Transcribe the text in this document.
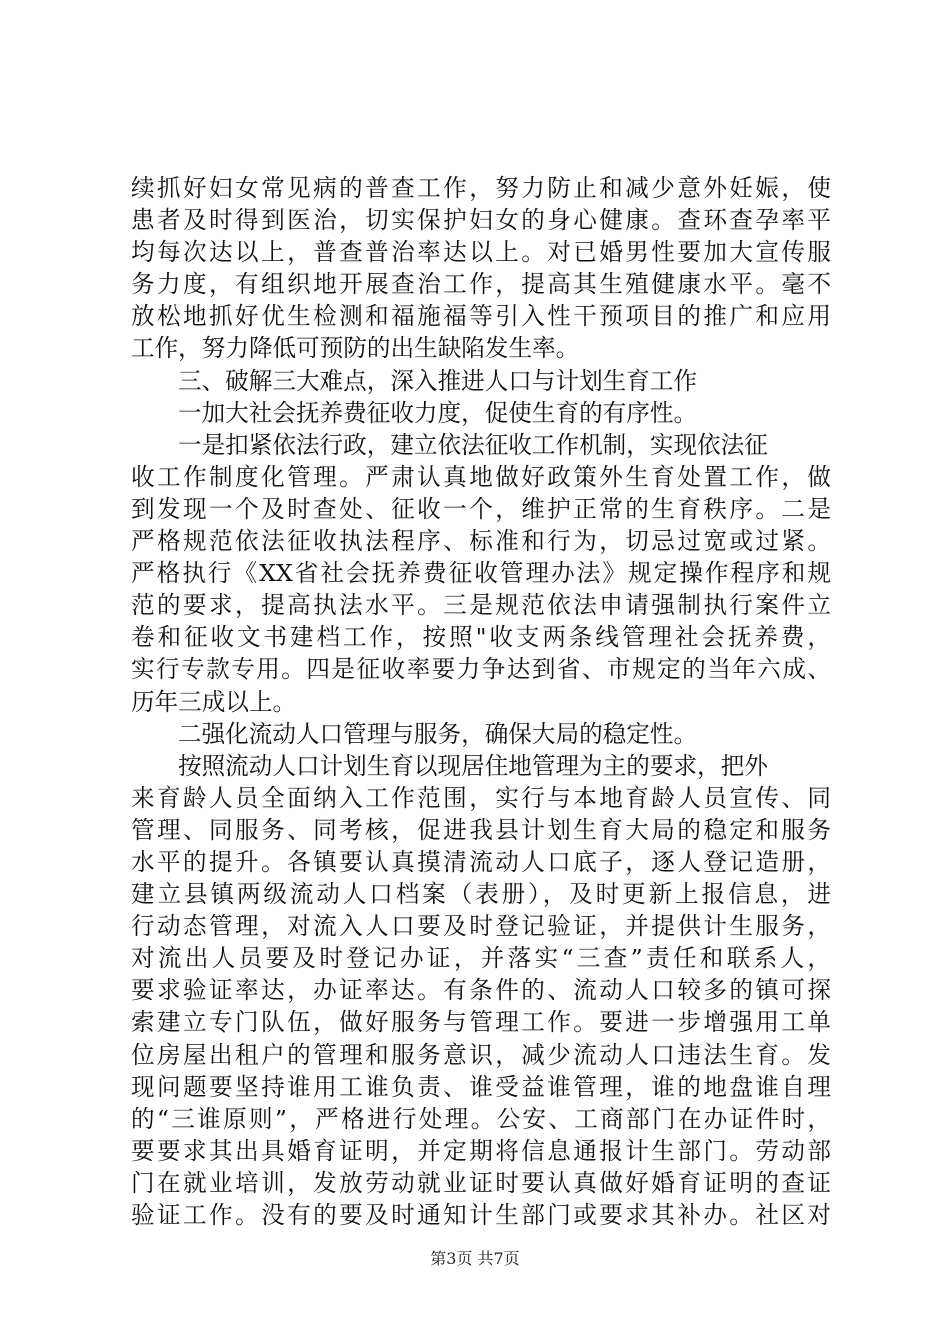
续抓好妇女常见病的普查工作，努力防止和减少意外妊娠，使
患者及时得到医治，切实保护妇女的身心健康。查环查孕率平
均每次达以上，普查普治率达以上。对已婚男性要加大宣传服
务力度，有组织地开展查治工作，提高其生殖健康水平。毫不
放松地抓好优生检测和福施福等引入性干预项目的推广和应用
工作，努力降低可预防的出生缺陷发生率。
三、破解三大难点，深入推进人口与计划生育工作
一加大社会抚养费征收力度，促使生育的有序性。
一是扣紧依法行政，建立依法征收工作机制，实现依法征
收工作制度化管理。严肃认真地做好政策外生育处置工作，做
到发现一个及时查处、征收一个，维护正常的生育秩序。二是
严格规范依法征收执法程序、标准和行为，切忌过宽或过紧。
严格执行《XX省社会抚养费征收管理办法》规定操作程序和规
范的要求，提高执法水平。三是规范依法申请强制执行案件立
卷和征收文书建档工作，按照"收支两条线管理社会抚养费，
实行专款专用。四是征收率要力争达到省、市规定的当年六成、
历年三成以上。
二强化流动人口管理与服务，确保大局的稳定性。
按照流动人口计划生育以现居住地管理为主的要求，把外
来育龄人员全面纳入工作范围，实行与本地育龄人员宣传、同
管理、同服务、同考核，促进我县计划生育大局的稳定和服务
水平的提升。各镇要认真摸清流动人口底子，逐人登记造册，
建立县镇两级流动人口档案（表册），及时更新上报信息，进
行动态管理，对流入人口要及时登记验证，并提供计生服务，
对流出人员要及时登记办证，并落实“三查”责任和联系人，
要求验证率达，办证率达。有条件的、流动人口较多的镇可探
索建立专门队伍，做好服务与管理工作。要进一步增强用工单
位房屋出租户的管理和服务意识，减少流动人口违法生育。发
现问题要坚持谁用工谁负责、谁受益谁管理，谁的地盘谁自理
的“三谁原则”，严格进行处理。公安、工商部门在办证件时，
要要求其出具婚育证明，并定期将信息通报计生部门。劳动部
门在就业培训，发放劳动就业证时要认真做好婚育证明的查证
验证工作。没有的要及时通知计生部门或要求其补办。社区对
第3页 共7页
